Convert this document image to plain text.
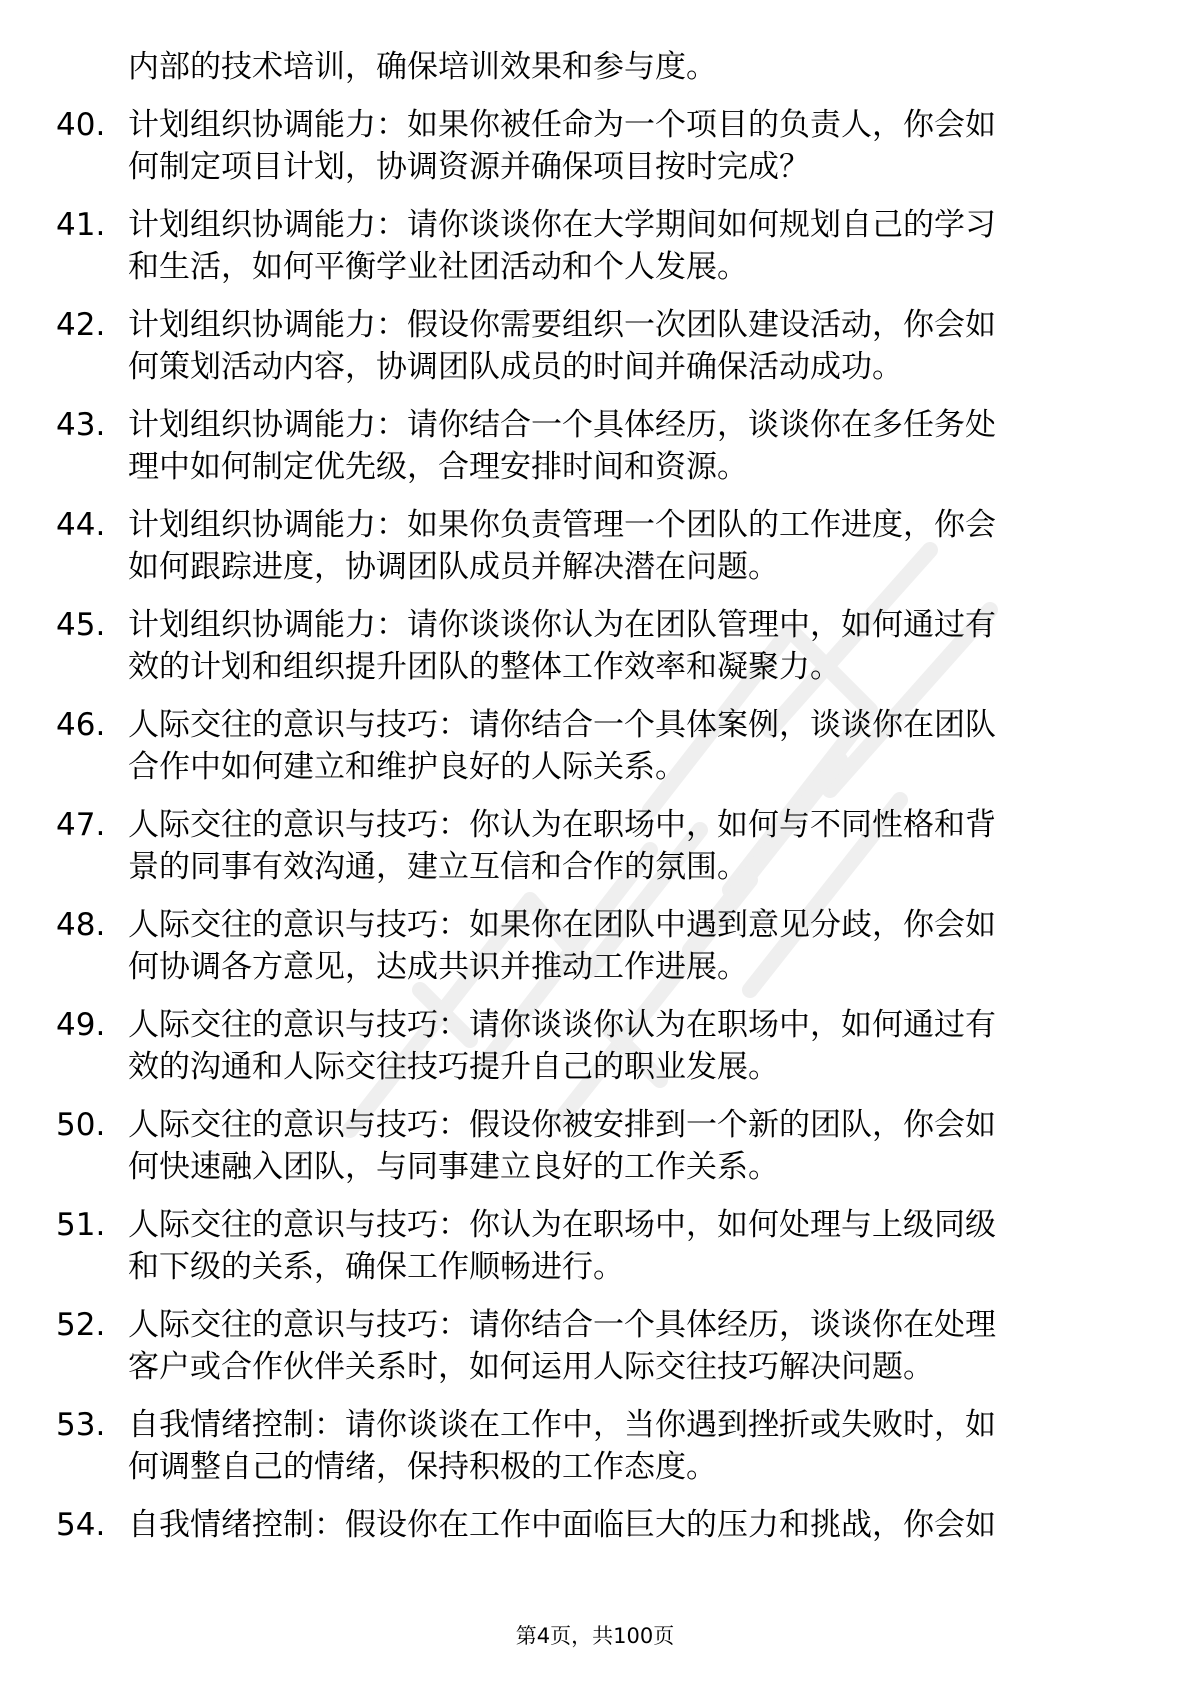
内部的技术培训，确保培训效果和参与度。
40. 计划组织协调能力：如果你被任命为一个项目的负责人，你会如
何制定项目计划，协调资源并确保项目按时完成？
41. 计划组织协调能力：请你谈谈你在大学期间如何规划自己的学习
和生活，如何平衡学业社团活动和个人发展。
42. 计划组织协调能力：假设你需要组织一次团队建设活动，你会如
何策划活动内容，协调团队成员的时间并确保活动成功。
43. 计划组织协调能力：请你结合一个具体经历，谈谈你在多任务处
理中如何制定优先级，合理安排时间和资源。
44. 计划组织协调能力：如果你负责管理一个团队的工作进度，你会
如何跟踪进度，协调团队成员并解决潜在问题。
45. 计划组织协调能力：请你谈谈你认为在团队管理中，如何通过有
效的计划和组织提升团队的整体工作效率和凝聚力。
46. 人际交往的意识与技巧：请你结合一个具体案例，谈谈你在团队
合作中如何建立和维护良好的人际关系。
47. 人际交往的意识与技巧：你认为在职场中，如何与不同性格和背
景的同事有效沟通，建立互信和合作的氛围。
48. 人际交往的意识与技巧：如果你在团队中遇到意见分歧，你会如
何协调各方意见，达成共识并推动工作进展。
49. 人际交往的意识与技巧：请你谈谈你认为在职场中，如何通过有
效的沟通和人际交往技巧提升自己的职业发展。
50. 人际交往的意识与技巧：假设你被安排到一个新的团队，你会如
何快速融入团队，与同事建立良好的工作关系。
51. 人际交往的意识与技巧：你认为在职场中，如何处理与上级同级
和下级的关系，确保工作顺畅进行。
52. 人际交往的意识与技巧：请你结合一个具体经历，谈谈你在处理
客户或合作伙伴关系时，如何运用人际交往技巧解决问题。
53. 自我情绪控制：请你谈谈在工作中，当你遇到挫折或失败时，如
何调整自己的情绪，保持积极的工作态度。
54. 自我情绪控制：假设你在工作中面临巨大的压力和挑战，你会如
第4页，共100页
